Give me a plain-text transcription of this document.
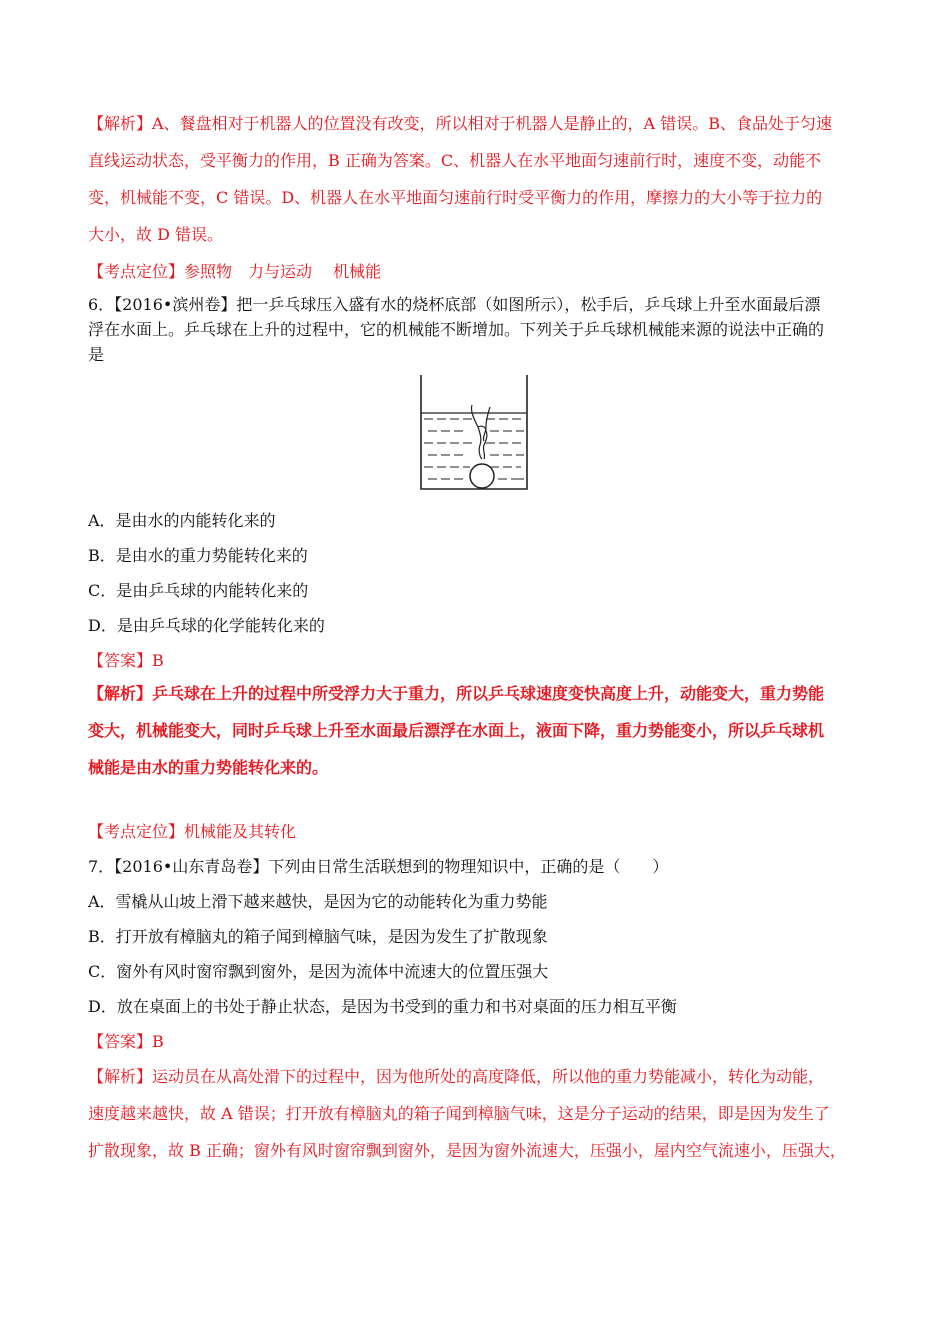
【解析】A、餐盘相对于机器人的位置没有改变，所以相对于机器人是静止的，A 错误。B、食品处于匀速
直线运动状态，受平衡力的作用，B 正确为答案。C、机器人在水平地面匀速前行时，速度不变，动能不
变，机械能不变，C 错误。D、机器人在水平地面匀速前行时受平衡力的作用，摩擦力的大小等于拉力的
大小，故 D 错误。
【考点定位】参照物　力与运动　 机械能
6．【2016•滨州卷】把一乒乓球压入盛有水的烧杯底部（如图所示），松手后，乒乓球上升至水面最后漂
浮在水面上。乒乓球在上升的过程中，它的机械能不断增加。下列关于乒乓球机械能来源的说法中正确的
是
A．是由水的内能转化来的
B．是由水的重力势能转化来的
C．是由乒乓球的内能转化来的
D．是由乒乓球的化学能转化来的
【答案】B
【解析】乒乓球在上升的过程中所受浮力大于重力，所以乒乓球速度变快高度上升，动能变大，重力势能
变大，机械能变大，同时乒乓球上升至水面最后漂浮在水面上，液面下降，重力势能变小，所以乒乓球机
械能是由水的重力势能转化来的。
【考点定位】机械能及其转化
7．【2016•山东青岛卷】下列由日常生活联想到的物理知识中，正确的是（　　）
A．雪橇从山坡上滑下越来越快，是因为它的动能转化为重力势能
B．打开放有樟脑丸的箱子闻到樟脑气味，是因为发生了扩散现象
C．窗外有风时窗帘飘到窗外，是因为流体中流速大的位置压强大
D．放在桌面上的书处于静止状态，是因为书受到的重力和书对桌面的压力相互平衡
【答案】B
【解析】运动员在从高处滑下的过程中，因为他所处的高度降低，所以他的重力势能减小，转化为动能，
速度越来越快，故 A 错误；打开放有樟脑丸的箱子闻到樟脑气味，这是分子运动的结果，即是因为发生了
扩散现象，故 B 正确；窗外有风时窗帘飘到窗外，是因为窗外流速大，压强小，屋内空气流速小，压强大，
